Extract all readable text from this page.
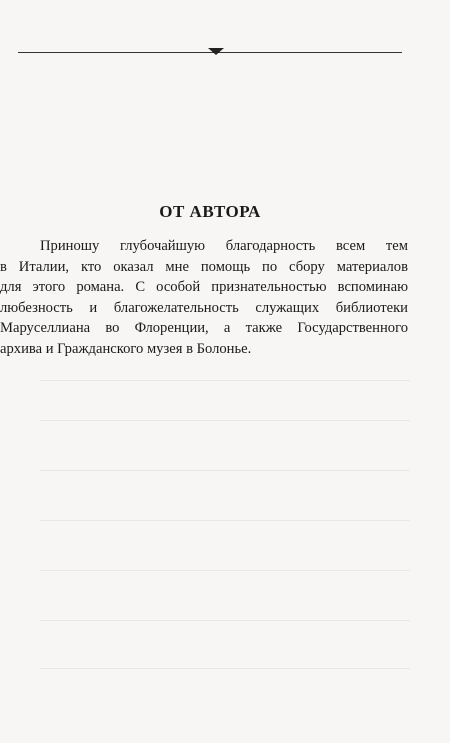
ОТ АВТОРА

Приношу глубочайшую благодарность всем тем
в Италии, кто оказал мне помощь по сбору материалов
для этого романа. С особой признательностью вспоминаю
любезность и благожелательность служащих библиотеки
Маруселлиана во Флоренции, а также Государственного
архива и Гражданского музея в Болонье.
